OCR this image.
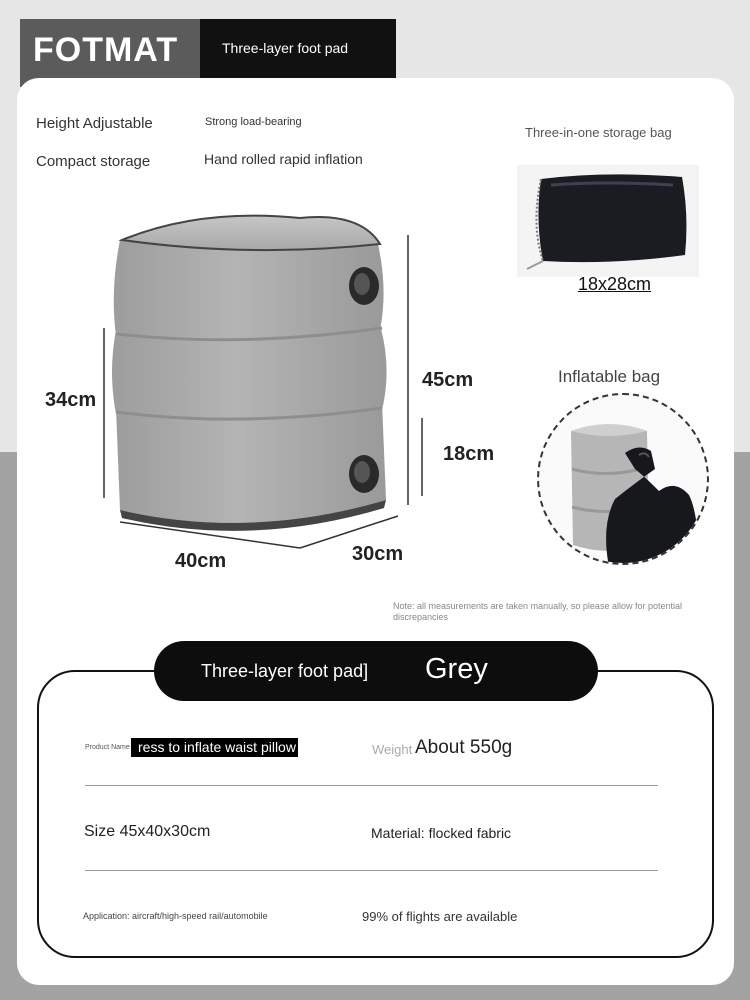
FOTMAT	Three-layer foot pad
Height Adjustable	Strong load-bearing
Compact storage	Hand rolled rapid inflation
34cm
45cm
18cm
40cm	30cm
Three-in-one storage bag
18x28cm
Inflatable bag
Note: all measurements are taken manually, so please allow for potential discrepancies
Three-layer foot pad] Grey
Product Name ress to inflate waist pillow	Weight About 550g
Size 45x40x30cm	Material: flocked fabric
Application: aircraft/high-speed rail/automobile	99% of flights are available
